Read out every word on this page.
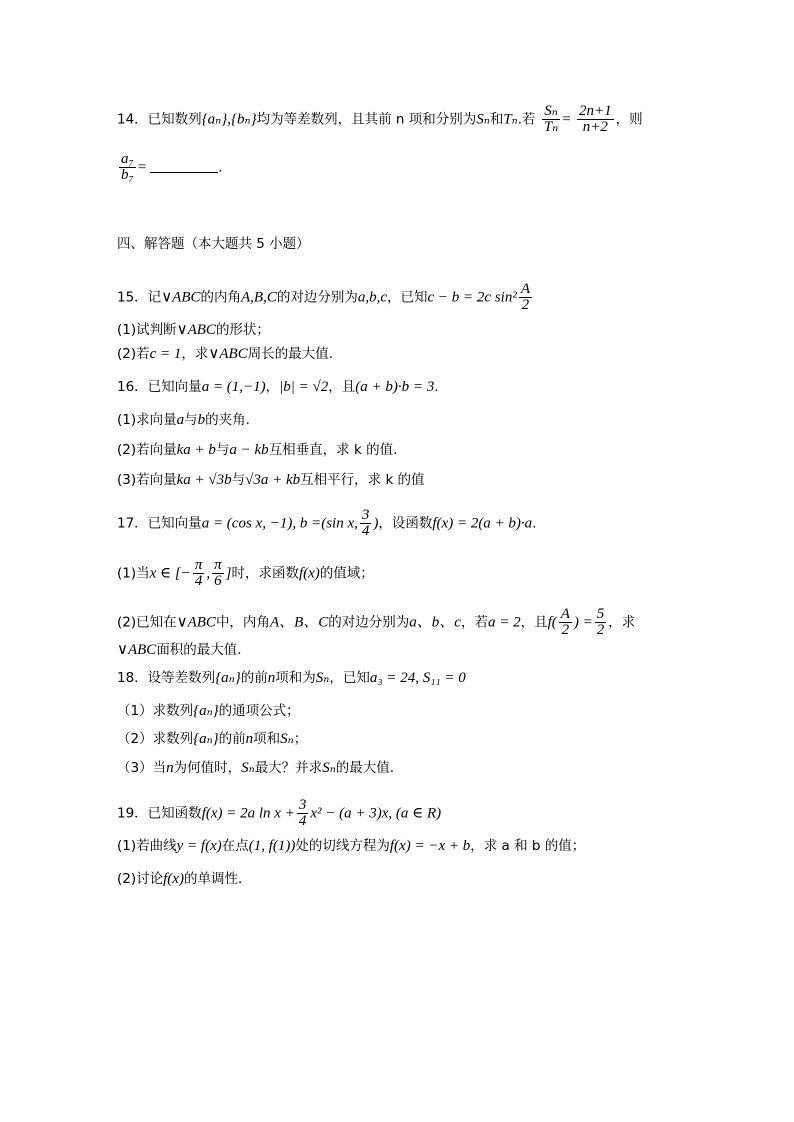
14．已知数列{aₙ},{bₙ}均为等差数列，且其前 n 项和分别为Sₙ和Tₙ.若 $\frac{\text{Sₙ}}{\text{Tₙ}} = \frac{2n+1}{n+2}$ ，则
$\frac{\text{a₇}}{\text{b₇}}$ =	.
四、解答题（本大题共 5 小题）
15．记∨ABC的内角A,B,C的对边分别为a,b,c，已知c − b = 2c $\sin^2 \frac{A}{2}$
(1)试判断∨ABC的形状；
(2)若c = 1，求∨ABC周长的最大值.
16．已知向量a = (1,−1)，|b| = √2，且(a + b)·b = 3.
(1)求向量a与b的夹角.
(2)若向量ka + b与a − kb互相垂直，求 k 的值.
(3)若向量ka + √3b与√3a + kb互相平行，求 k 的值
17．已知向量a = (cos x, −1), b =(sin x, $\frac{3}{4}$ )，设函数f(x) = 2(a + b)·a.
(1)当x ∈ [− $\frac{\pi}{4}$ , $\frac{\pi}{6}$ ]时，求函数f(x)的值域；
(2)已知在∨ABC中，内角A、B、C的对边分别为a、b、c，若a = 2，且$f( \frac{A}{2}$ ) = $\frac{5}{2}$ ，求
∨ABC面积的最大值.
18．设等差数列{aₙ}的前n项和为Sₙ，已知a₃ = 24, S₁₁ = 0
（1）求数列{aₙ}的通项公式；
（2）求数列{aₙ}的前n项和Sₙ；
（3）当n为何值时，Sₙ最大？并求Sₙ的最大值.
19．已知函数f(x) = 2a $\ln x + \frac{3}{4} x^2 - (a + 3)x$, (a ∈ R)
(1)若曲线y = f(x)在点(1, f(1))处的切线方程为f(x) = −x + b，求 a 和 b 的值；
(2)讨论f(x)的单调性.
